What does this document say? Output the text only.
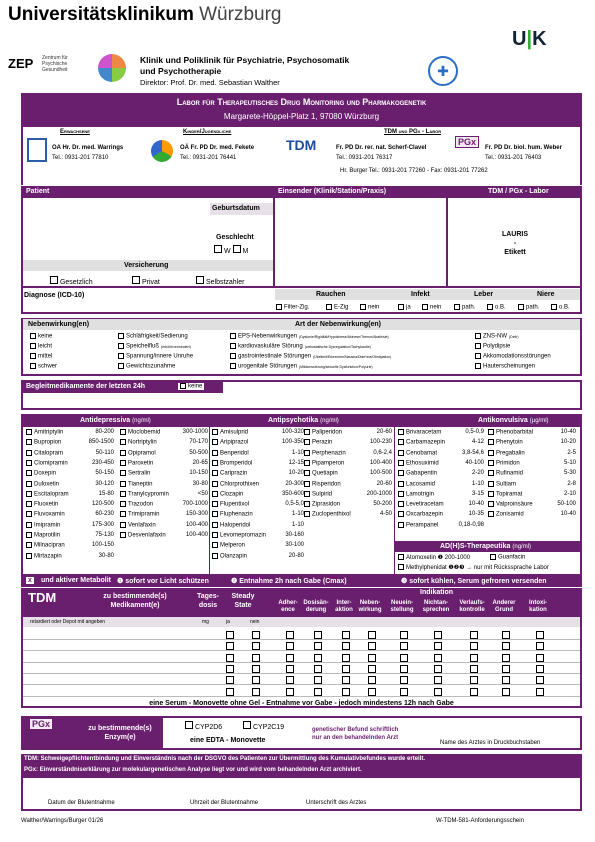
Universitätsklinikum Würzburg
ZEP Zentrum für
Psychische
Gesundheit
Klinik und Poliklinik für Psychiatrie, Psychosomatik
und Psychotherapie
Direktor: Prof. Dr. med. Sebastian Walther
✚
U|K
Labor für Therapeutisches Drug Monitoring und Pharmakogenetik
Margarete-Höppel-Platz 1, 97080 Würzburg
Erwachsene
OA Hr. Dr. med. Warrings
Tel.: 0931-201 77810
Kinder/Jugendliche
OÄ Fr. PD Dr. med. Fekete
Tel.: 0931-201 76441
TDM und PGx - Labor
TDM	Fr. PD Dr. rer. nat. Scherf-Clavel
Tel.: 0931-201 76317
PGx
Fr. PD Dr. biol. hum. Weber
Tel.: 0931-201 76403
Hr. Burger Tel.: 0931-201 77260 - Fax: 0931-201 77262
Patient	Einsender (Klinik/Station/Praxis)	TDM / PGx - Labor
Geburtsdatum
Geschlecht
W M
Versicherung
Gesetzlich	Privat	Selbstzahler
LAURIS
-
Etikett
Diagnose (ICD-10)	Rauchen	Infekt	Leber	Niere
Filter-Zig.	E-Zig	nein	ja	nein	path.	o.B.	path.	o.B.
Nebenwirkung(en)	Art der Nebenwirkung(en)
keine
leicht
mittel
schwer
Schläfrigkeit/Sedierung
Speichelfluß (erhöht/vermindert)
Spannung/innere Unruhe
Gewichtszunahme
EPS-Nebenwirkungen (Dystonie/Rigidität/Hypokinese/Akinese/Tremor/Akathisie)
kardiovaskuläre Störung (orthostatische Dysregulation/Tachykardie)
gastrointestinale Störungen (Übelkeit/Erbrechen/Nausea/Diarrhoe/Obstipation)
urogenitale Störungen (Miktionsstörung/sexuelle Dysfunktion/Polyurie)
ZNS-NW (Delir)
Polydipsie
Akkomodationsstörungen
Hauterscheinungen
Begleitmedikamente der letzten 24h	keine
Antidepressiva (ng/ml)	Antipsychotika (ng/ml)	Antikonvulsiva (µg/ml)
Amitriptylin	80-200
Bupropion	850-1500
Citalopram	50-110
Clomipramin	230-450
Doxepin	50-150
Duloxetin	30-120
Escitalopram	15-80
Fluoxetin	120-500
Fluvoxamin	60-230
Imipramin	175-300
Maprotilin	75-130
Milnacipran	100-150
Mirtazapin	30-80
Moclobemid	300-1000
Nortriptylin	70-170
Opipramol	50-500
Paroxetin	20-65
Sertralin	10-150
Tianeptin	30-80
Tranylcypromin	<50
Trazodon	700-1000
Trimipramin	150-300
Venlafaxin	100-400
Desvenlafaxin	100-400
Amisulprid	100-320
Aripiprazol	100-350
Benperidol	1-10
Bromperidol	12-15
Cariprazin	10-20
Chlorprothixen	20-300
Clozapin	350-600
Flupentixol	0,5-5,0
Fluphenazin	1-10
Haloperidol	1-10
Levomepromazin	30-160
Melperon	30-100
Olanzapin	20-80
Paliperidon	20-60
Perazin	100-230
Perphenazin	0,6-2,4
Pipamperon	100-400
Quetiapin	100-500
Risperidon	20-60
Sulpirid	200-1000
Ziprasidon	50-200
Zuclopenthixol	4-50
Brivaracetam	0,5-0,9
Carbamazepin	4-12
Cenobamat	3,8-54,6
Ethosuximid	40-100
Gabapentin	2-20
Lacosamid	1-10
Lamotrigin	3-15
Levetiracetam	10-40
Oxcarbazepin	10-35
Perampanel	0,18-0,98
Phenobarbital	10-40
Phenytoin	10-20
Pregabalin	2-5
Primidon	5-10
Rufinamid	5-30
Sultiam	2-8
Topiramat	2-10
Valproinsäure	50-100
Zonisamid	10-40
AD(H)S-Therapeutika (ng/ml)
Atomoxetin ❶ 200-1000	Guanfacin
Methylphenidat ❶❷❸ → nur mit Rückssprache Labor
x und aktiver Metabolit ❶ sofort vor Licht schützen	❷ Entnahme 2h nach Gabe (Cmax)	❸ sofort kühlen, Serum gefroren versenden
TDM	zu bestimmende(s)
Medikament(e)
Tages-
dosis
Steady
State
Indikation
retardiert oder Depot mit angeben	mg	ja	nein
Adher-
ence
Dosisän-
derung
Inter-
aktion
Neben-
wirkung
Neuein-
stellung
Nichtan-
sprechen
Verlaufs-
kontrolle
Anderer
Grund
Intoxi-
kation
eine Serum - Monovette ohne Gel - Entnahme vor Gabe - jedoch mindestens 12h nach Gabe
PGx	zu bestimmende(s)
Enzym(e)
CYP2D6	CYP2C19
eine EDTA - Monovette
genetischer Befund schriftlich
nur an den behandelnden Arzt
Name des Arztes in Druckbuchstaben
TDM: Schweigepflichtentbindung und Einverständnis nach der DSGVO des Patienten zur Übermittlung des Kumulativbefundes wurde erteilt.
PGx: Einverständniserklärung zur molekulargenetischen Analyse liegt vor und wird vom behandelnden Arzt archiviert.
Datum der Blutentnahme	Uhrzeit der Blutentnahme	Unterschrift des Arztes
Walther/Warrings/Burger 01/26	W-TDM-581-Anforderungsschein
